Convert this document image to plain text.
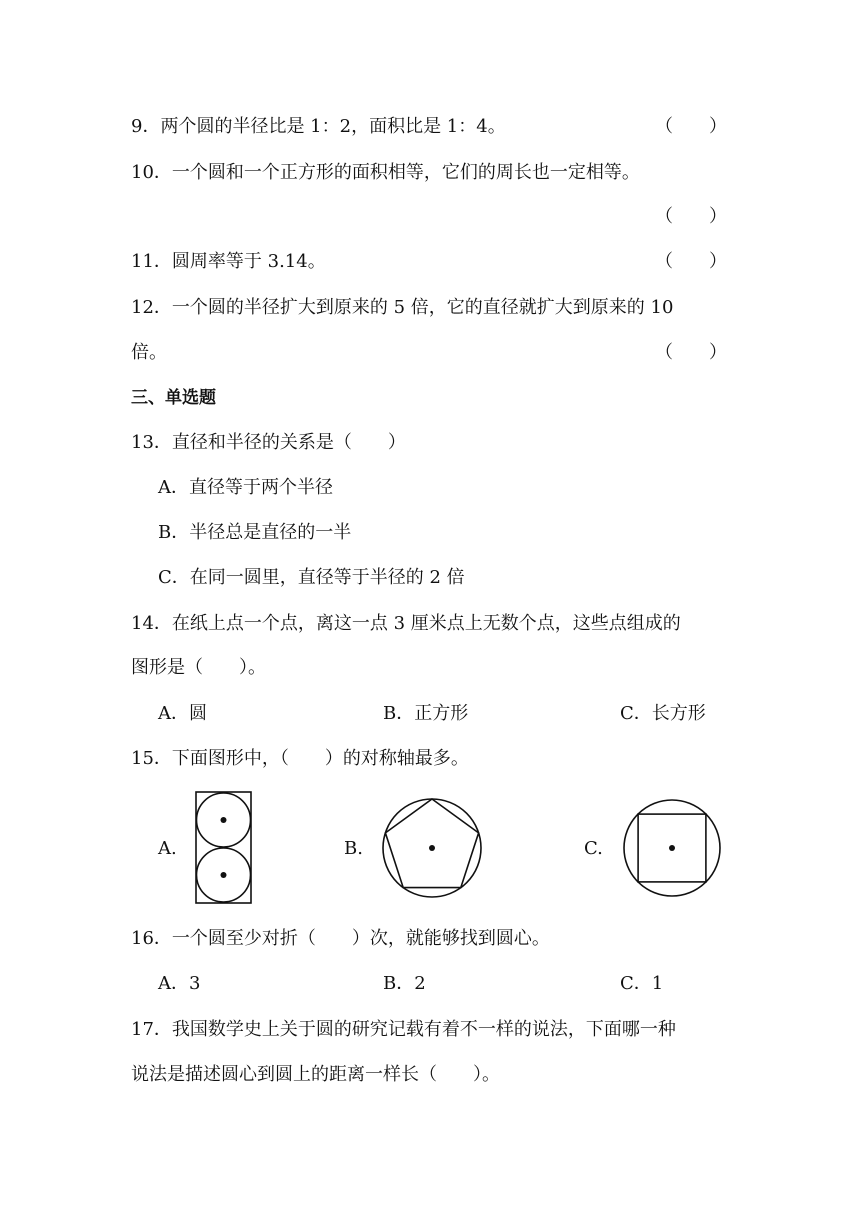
9．两个圆的半径比是 1：2，面积比是 1：4。	（　　）
10．一个圆和一个正方形的面积相等，它们的周长也一定相等。
（　　）
11．圆周率等于 3.14。	（　　）
12．一个圆的半径扩大到原来的 5 倍，它的直径就扩大到原来的 10
倍。	（　　）
三、单选题
13．直径和半径的关系是（　　）
A．直径等于两个半径
B．半径总是直径的一半
C．在同一圆里，直径等于半径的 2 倍
14．在纸上点一个点，离这一点 3 厘米点上无数个点，这些点组成的
图形是（　　）。
A．圆	B．正方形	C．长方形
15．下面图形中，（　　）的对称轴最多。
A.	B.	C.
16．一个圆至少对折（　　）次，就能够找到圆心。
A．3	B．2	C．1
17．我国数学史上关于圆的研究记载有着不一样的说法，下面哪一种
说法是描述圆心到圆上的距离一样长（　　）。
